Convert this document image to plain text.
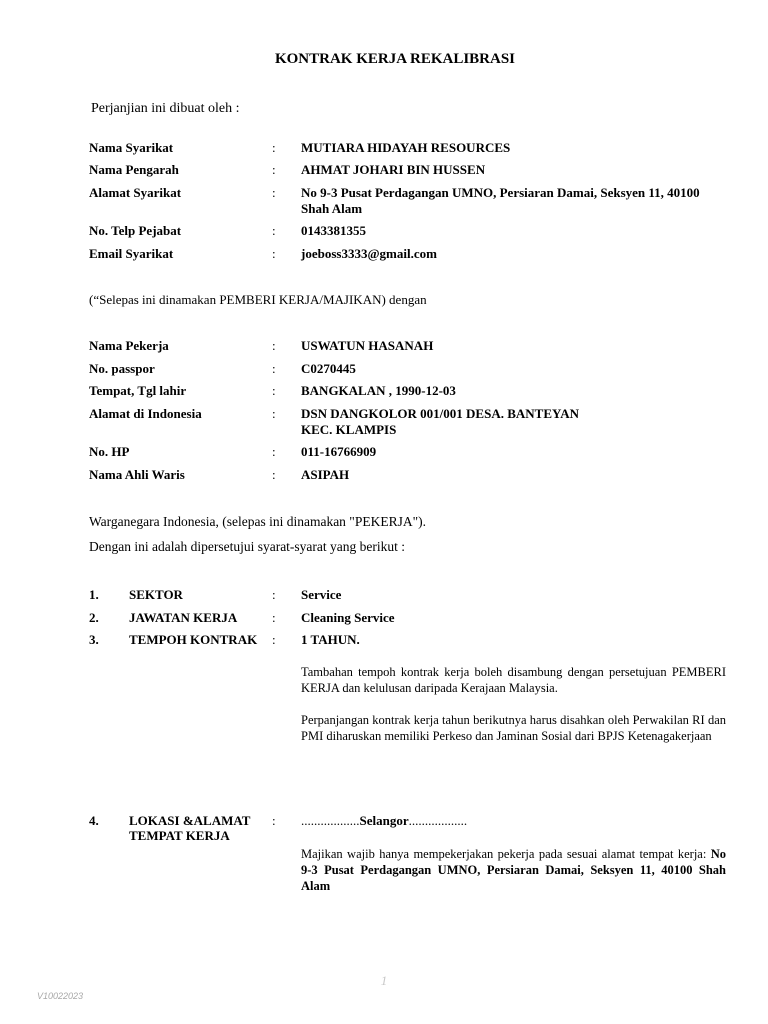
KONTRAK KERJA REKALIBRASI
Perjanjian ini dibuat oleh :
Nama Syarikat	: MUTIARA HIDAYAH RESOURCES
Nama Pengarah	: AHMAT JOHARI BIN HUSSEN
Alamat Syarikat	: No 9-3 Pusat Perdagangan UMNO, Persiaran Damai, Seksyen 11, 40100 Shah Alam
No. Telp Pejabat	: 0143381355
Email Syarikat	: joeboss3333@gmail.com
(“Selepas ini dinamakan PEMBERI KERJA/MAJIKAN) dengan
Nama Pekerja	: USWATUN HASANAH
No. passpor	: C0270445
Tempat, Tgl lahir	: BANGKALAN , 1990-12-03
Alamat di Indonesia	: DSN DANGKOLOR 001/001 DESA. BANTEYAN KEC. KLAMPIS
No. HP	: 011-16766909
Nama Ahli Waris	: ASIPAH
Warganegara Indonesia, (selepas ini dinamakan "PEKERJA").
Dengan ini adalah dipersetujui syarat-syarat yang berikut :
1. SEKTOR	: Service
2. JAWATAN KERJA	: Cleaning Service
3. TEMPOH KONTRAK : 1 TAHUN.
Tambahan tempoh kontrak kerja boleh disambung dengan persetujuan PEMBERI KERJA dan kelulusan daripada Kerajaan Malaysia.
Perpanjangan kontrak kerja tahun berikutnya harus disahkan oleh Perwakilan RI dan PMI diharuskan memiliki Perkeso dan Jaminan Sosial dari BPJS Ketenagakerjaan
4. LOKASI &ALAMAT TEMPAT KERJA
: ..................Selangor..................
Majikan wajib hanya mempekerjakan pekerja pada sesuai alamat tempat kerja: No 9-3 Pusat Perdagangan UMNO, Persiaran Damai, Seksyen 11, 40100 Shah Alam
1
V10022023
